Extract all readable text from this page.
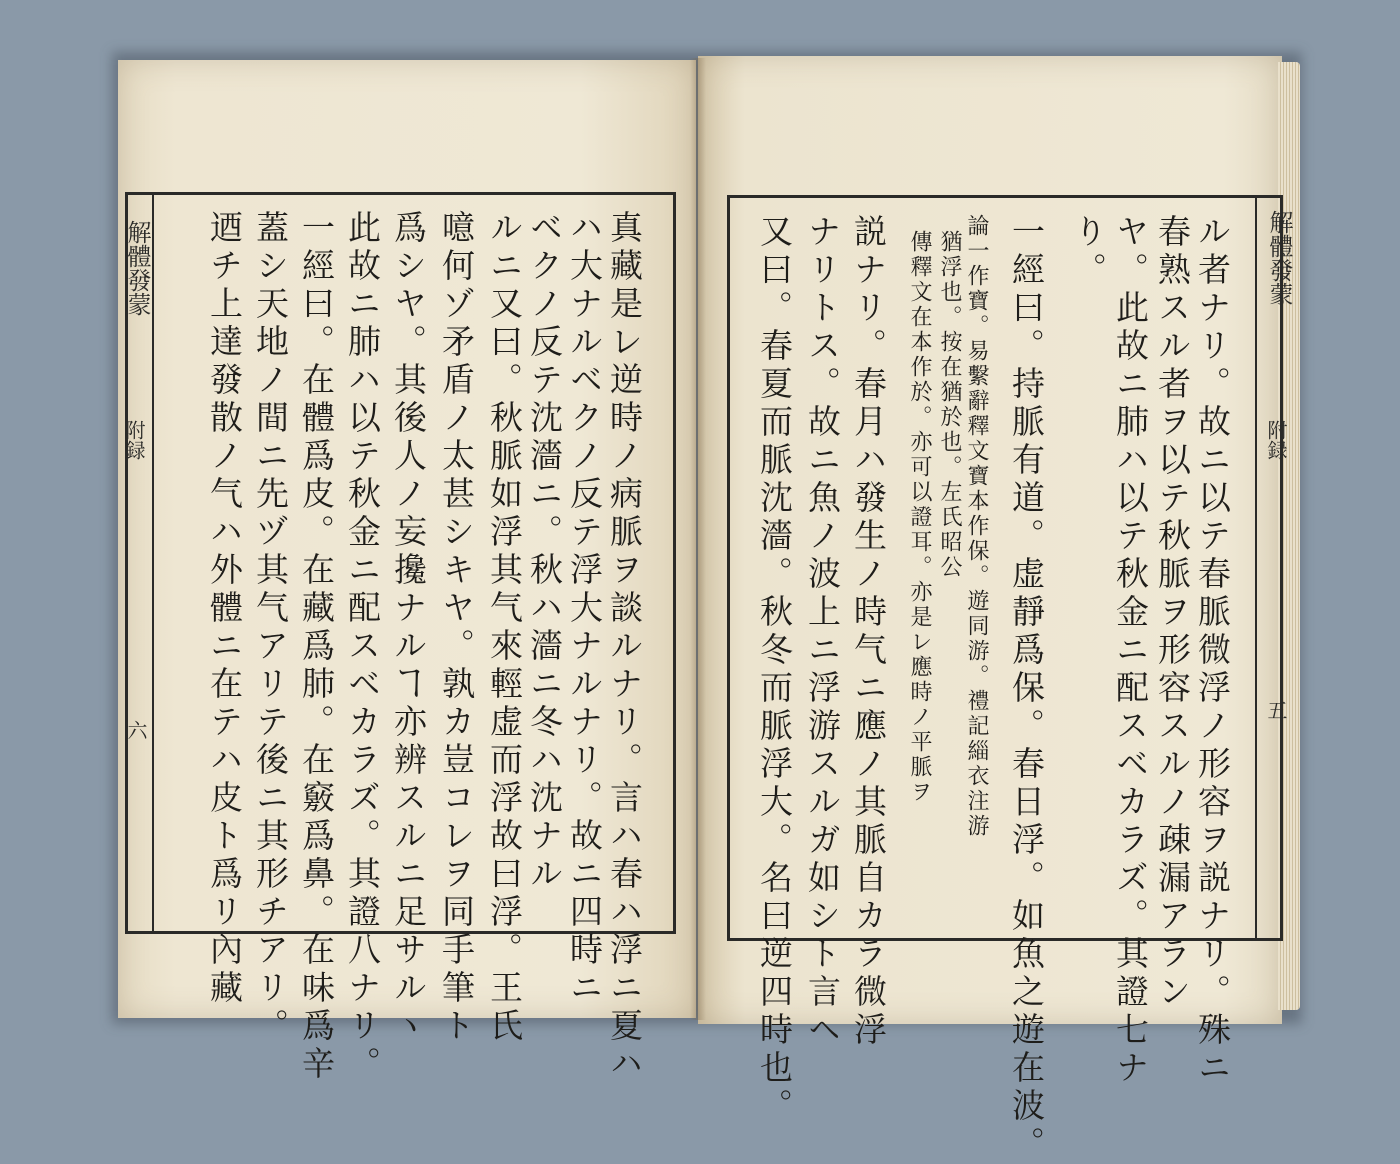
解體發蒙
附録
六	真藏是レ逆時ノ病脈ヲ談ルナリ。言ハ春ハ浮ニ夏ハ
ハ大ナルベクノ反テ浮大ナルナリ。故ニ四時ニ
ベクノ反テ沈濇ニ。秋ハ濇ニ冬ハ沈ナル
ルニ又曰。秋脈如浮其气來輕虚而浮故曰浮。王氏
噫何ゾ矛盾ノ太甚シキヤ。孰カ豈コレヲ同手筆ト
爲シヤ。其後人ノ妄攙ナルヿ亦辨スルニ足サルヽ
此故ニ肺ハ以テ秋金ニ配スベカラズ。其證八ナリ。
一經曰。在體爲皮。在藏爲肺。在竅爲鼻。在味爲辛
蓋シ天地ノ間ニ先ヅ其气アリテ後ニ其形チアリ。
迺チ上達發散ノ气ハ外體ニ在テハ皮ト爲リ內藏	解體發蒙
附録
五
ル者ナリ。故ニ以テ春脈微浮ノ形容ヲ説ナリ。殊ニ
春熟スル者ヲ以テ秋脈ヲ形容スルノ疎漏アラン
ヤ。此故ニ肺ハ以テ秋金ニ配スベカラズ。其證七ナ
り。
一經曰。持脈有道。虚靜爲保。春日浮。如魚之遊在波。
論一作寶。易繫辭釋文寶本作保。遊同游。禮記緇衣注游
猶浮也。按在猶於也。左氏昭公
傳釋文在本作於。亦可以證耳。亦是レ應時ノ平脈ヲ
説ナリ。春月ハ發生ノ時气ニ應ノ其脈自カラ微浮
ナリトス。故ニ魚ノ波上ニ浮游スルガ如シト言ヘ
又曰。春夏而脈沈濇。秋冬而脈浮大。名曰逆四時也。
